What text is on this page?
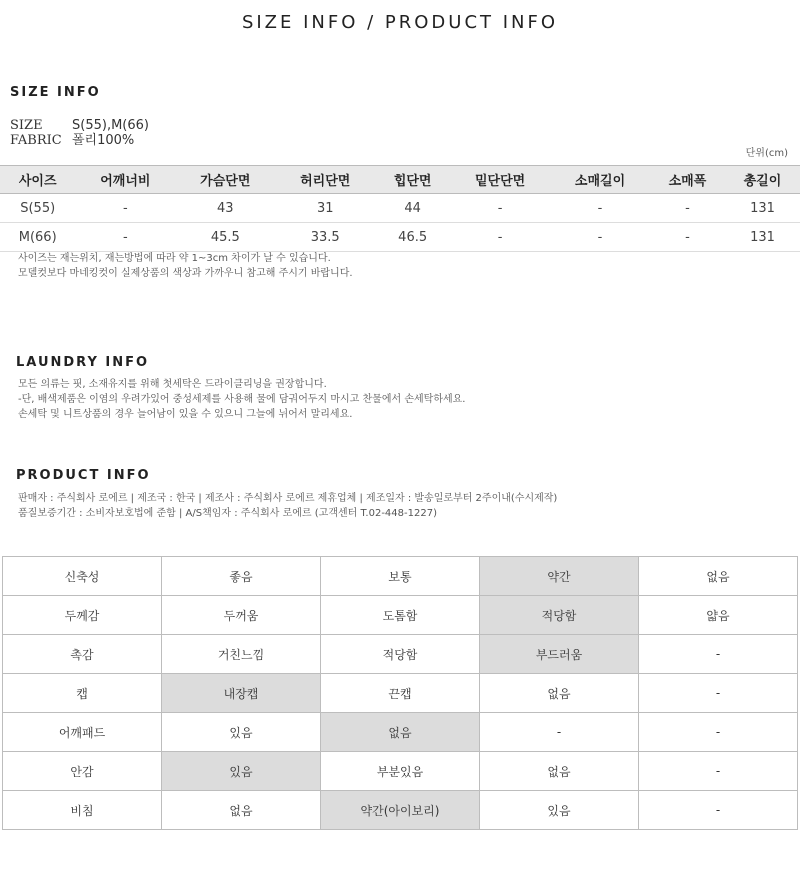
SIZE INFO / PRODUCT INFO
SIZE INFO
SIZE S(55),M(66)
FABRIC 폴리100%
단위(cm)
사이즈	어깨너비	가슴단면	허리단면	힙단면	밑단단면	소매길이	소매폭	총길이
S(55)	-	43	31	44	-	-	-	131
M(66)	-	45.5	33.5	46.5	-	-	-	131
사이즈는 재는위치, 재는방법에 따라 약 1~3cm 차이가 날 수 있습니다.
모델컷보다 마네킹컷이 실제상품의 색상과 가까우니 참고해 주시기 바랍니다.
LAUNDRY INFO
모든 의류는 핏, 소재유지를 위해 첫세탁은 드라이클리닝을 권장합니다.
-단, 배색제품은 이염의 우려가있어 중성세제를 사용해 물에 담궈어두지 마시고 찬물에서 손세탁하세요.
손세탁 및 니트상품의 경우 늘어남이 있을 수 있으니 그늘에 뉘어서 말리세요.
PRODUCT INFO
판매자 : 주식회사 로에르 | 제조국 : 한국 | 제조사 : 주식회사 로에르 제휴업체 | 제조일자 : 발송일로부터 2주이내(수시제작)
품질보증기간 : 소비자보호법에 준함 | A/S책임자 : 주식회사 로에르 (고객센터 T.02-448-1227)
신축성	좋음	보통	약간	없음
두께감	두꺼움	도톰함	적당함	얇음
촉감	거친느낌	적당함	부드러움	-
캡	내장캡	끈캡	없음	-
어깨패드	있음	없음	-	-
안감	있음	부분있음	없음	-
비침	없음	약간(아이보리)	있음	-
